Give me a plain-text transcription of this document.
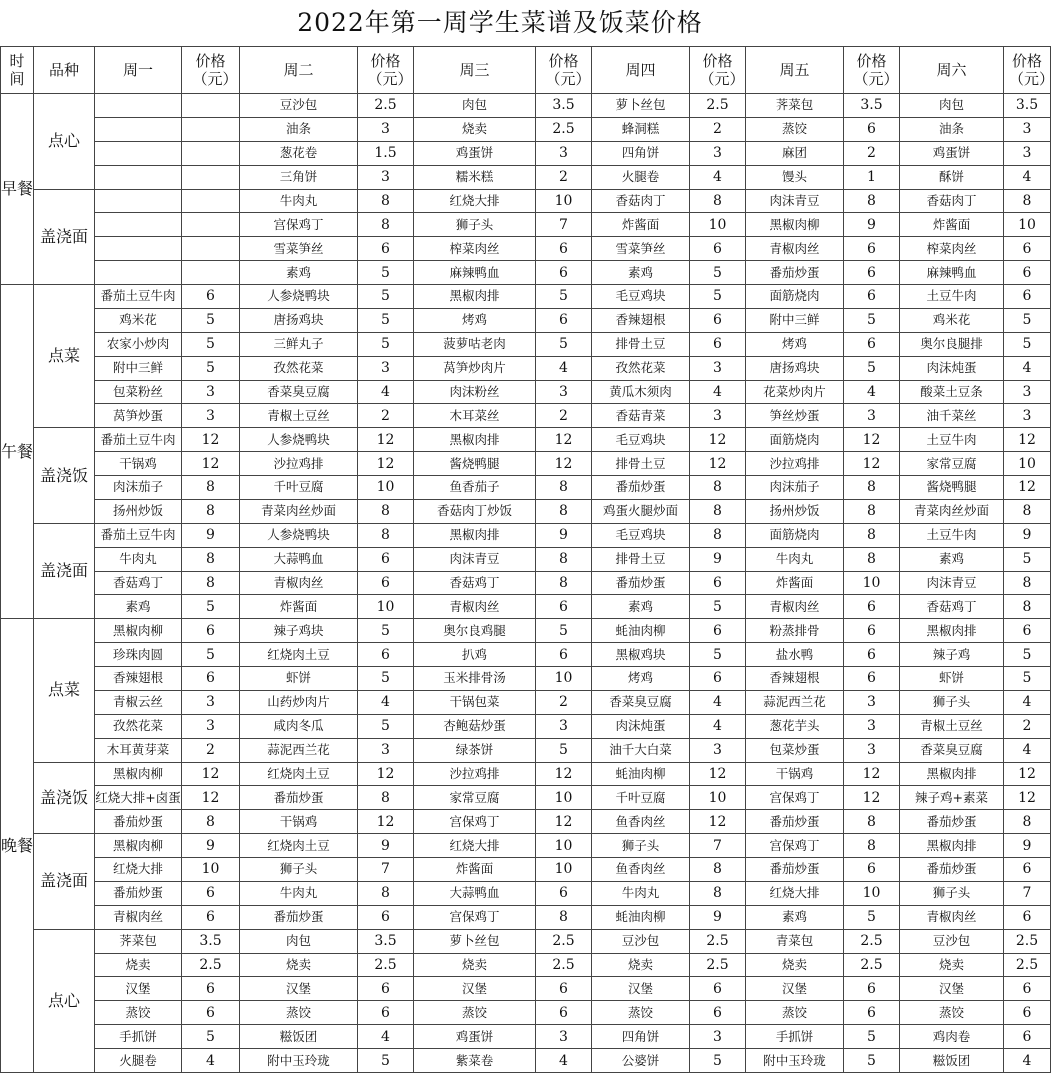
2022年第一周学生菜谱及饭菜价格
时间	品种	周一	价格（元）	周二	价格（元）	周三	价格（元）	周四	价格（元）	周五	价格（元）	周六	价格（元）
早餐	点心			豆沙包	2.5	肉包	3.5	萝卜丝包	2.5	荠菜包	3.5	肉包	3.5
				油条	3	烧卖	2.5	蜂洞糕	2	蒸饺	6	油条	3
				葱花卷	1.5	鸡蛋饼	3	四角饼	3	麻团	2	鸡蛋饼	3
				三角饼	3	糯米糕	2	火腿卷	4	馒头	1	酥饼	4
	盖浇面			牛肉丸	8	红烧大排	10	香菇肉丁	8	肉沫青豆	8	香菇肉丁	8
				宫保鸡丁	8	狮子头	7	炸酱面	10	黑椒肉柳	9	炸酱面	10
				雪菜笋丝	6	榨菜肉丝	6	雪菜笋丝	6	青椒肉丝	6	榨菜肉丝	6
				素鸡	5	麻辣鸭血	6	素鸡	5	番茄炒蛋	6	麻辣鸭血	6
午餐	点菜	番茄土豆牛肉	6	人参烧鸭块	5	黑椒肉排	5	毛豆鸡块	5	面筋烧肉	6	土豆牛肉	6
		鸡米花	5	唐扬鸡块	5	烤鸡	6	香辣翅根	6	附中三鲜	5	鸡米花	5
		农家小炒肉	5	三鲜丸子	5	菠萝咕老肉	5	排骨土豆	6	烤鸡	6	奥尔良腿排	5
		附中三鲜	5	孜然花菜	3	莴笋炒肉片	4	孜然花菜	3	唐扬鸡块	5	肉沫炖蛋	4
		包菜粉丝	3	香菜臭豆腐	4	肉沫粉丝	3	黄瓜木须肉	4	花菜炒肉片	4	酸菜土豆条	3
		莴笋炒蛋	3	青椒土豆丝	2	木耳菜丝	2	香菇青菜	3	笋丝炒蛋	3	油千菜丝	3
	盖浇饭	番茄土豆牛肉	12	人参烧鸭块	12	黑椒肉排	12	毛豆鸡块	12	面筋烧肉	12	土豆牛肉	12
		干锅鸡	12	沙拉鸡排	12	酱烧鸭腿	12	排骨土豆	12	沙拉鸡排	12	家常豆腐	10
		肉沫茄子	8	千叶豆腐	10	鱼香茄子	8	番茄炒蛋	8	肉沫茄子	8	酱烧鸭腿	12
		扬州炒饭	8	青菜肉丝炒面	8	香菇肉丁炒饭	8	鸡蛋火腿炒面	8	扬州炒饭	8	青菜肉丝炒面	8
	盖浇面	番茄土豆牛肉	9	人参烧鸭块	8	黑椒肉排	9	毛豆鸡块	8	面筋烧肉	8	土豆牛肉	9
		牛肉丸	8	大蒜鸭血	6	肉沫青豆	8	排骨土豆	9	牛肉丸	8	素鸡	5
		香菇鸡丁	8	青椒肉丝	6	香菇鸡丁	8	番茄炒蛋	6	炸酱面	10	肉沫青豆	8
		素鸡	5	炸酱面	10	青椒肉丝	6	素鸡	5	青椒肉丝	6	香菇鸡丁	8
晚餐	点菜	黑椒肉柳	6	辣子鸡块	5	奥尔良鸡腿	5	蚝油肉柳	6	粉蒸排骨	6	黑椒肉排	6
		珍珠肉圆	5	红烧肉土豆	6	扒鸡	6	黑椒鸡块	5	盐水鸭	6	辣子鸡	5
		香辣翅根	6	虾饼	5	玉米排骨汤	10	烤鸡	6	香辣翅根	6	虾饼	5
		青椒云丝	3	山药炒肉片	4	干锅包菜	2	香菜臭豆腐	4	蒜泥西兰花	3	狮子头	4
		孜然花菜	3	咸肉冬瓜	5	杏鲍菇炒蛋	3	肉沫炖蛋	4	葱花芋头	3	青椒土豆丝	2
		木耳黄芽菜	2	蒜泥西兰花	3	绿茶饼	5	油千大白菜	3	包菜炒蛋	3	香菜臭豆腐	4
	盖浇饭	黑椒肉柳	12	红烧肉土豆	12	沙拉鸡排	12	蚝油肉柳	12	干锅鸡	12	黑椒肉排	12
		红烧大排+卤蛋	12	番茄炒蛋	8	家常豆腐	10	千叶豆腐	10	宫保鸡丁	12	辣子鸡+素菜	12
		番茄炒蛋	8	干锅鸡	12	宫保鸡丁	12	鱼香肉丝	12	番茄炒蛋	8	番茄炒蛋	8
	盖浇面	黑椒肉柳	9	红烧肉土豆	9	红烧大排	10	狮子头	7	宫保鸡丁	8	黑椒肉排	9
		红烧大排	10	狮子头	7	炸酱面	10	鱼香肉丝	8	番茄炒蛋	6	番茄炒蛋	6
		番茄炒蛋	6	牛肉丸	8	大蒜鸭血	6	牛肉丸	8	红烧大排	10	狮子头	7
		青椒肉丝	6	番茄炒蛋	6	宫保鸡丁	8	蚝油肉柳	9	素鸡	5	青椒肉丝	6
	点心	荠菜包	3.5	肉包	3.5	萝卜丝包	2.5	豆沙包	2.5	青菜包	2.5	豆沙包	2.5
		烧卖	2.5	烧卖	2.5	烧卖	2.5	烧卖	2.5	烧卖	2.5	烧卖	2.5
		汉堡	6	汉堡	6	汉堡	6	汉堡	6	汉堡	6	汉堡	6
		蒸饺	6	蒸饺	6	蒸饺	6	蒸饺	6	蒸饺	6	蒸饺	6
		手抓饼	5	糍饭团	4	鸡蛋饼	3	四角饼	3	手抓饼	5	鸡肉卷	6
		火腿卷	4	附中玉玲珑	5	紫菜卷	4	公婆饼	5	附中玉玲珑	5	糍饭团	4
